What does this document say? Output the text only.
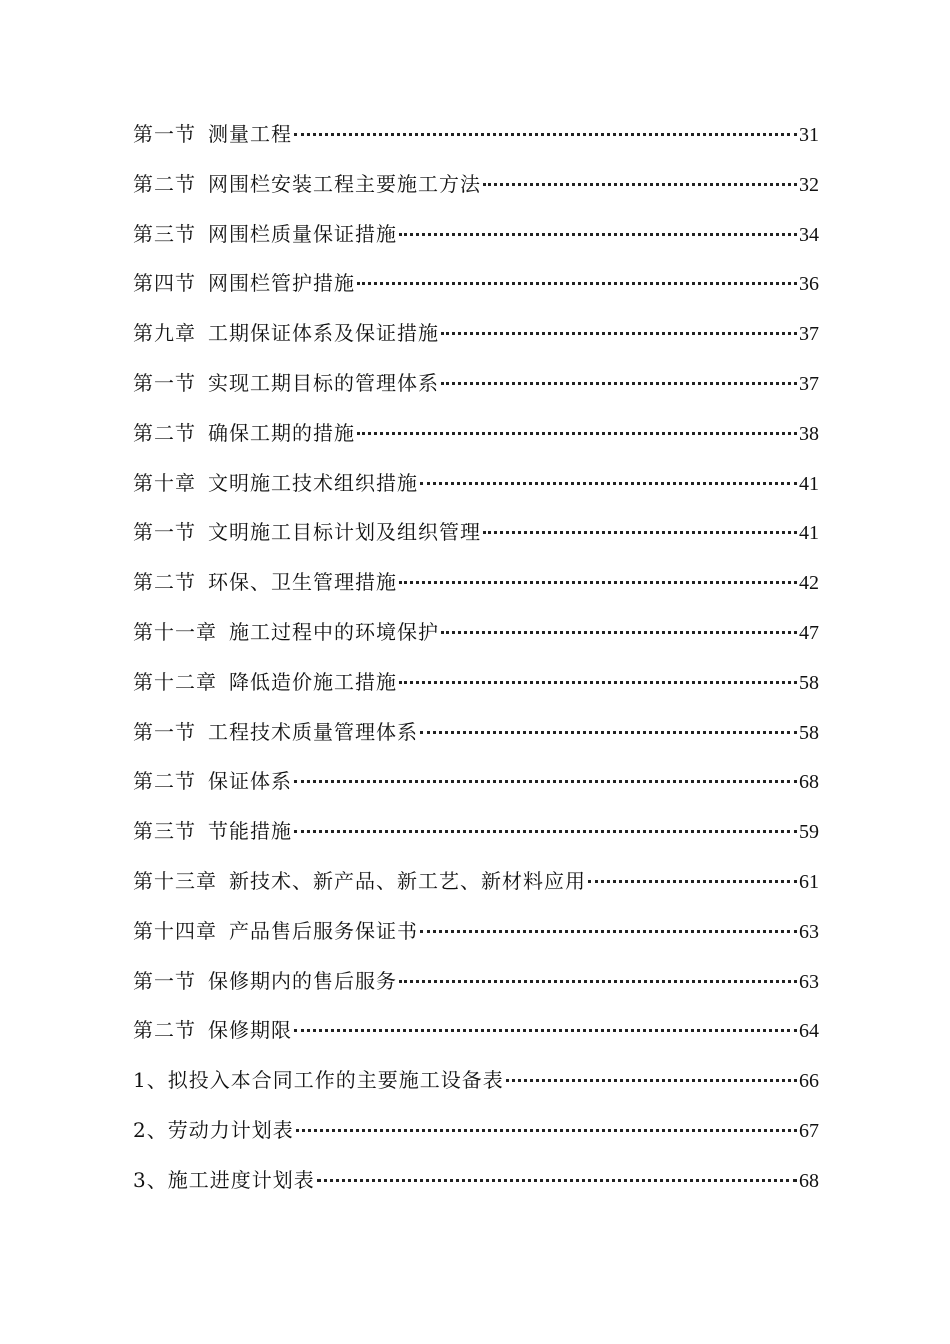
第一节 测量工程	31
第二节 网围栏安装工程主要施工方法	32
第三节 网围栏质量保证措施	34
第四节 网围栏管护措施	36
第九章 工期保证体系及保证措施	37
第一节 实现工期目标的管理体系	37
第二节 确保工期的措施	38
第十章 文明施工技术组织措施	41
第一节 文明施工目标计划及组织管理	41
第二节 环保、卫生管理措施	42
第十一章 施工过程中的环境保护	47
第十二章 降低造价施工措施	58
第一节 工程技术质量管理体系	58
第二节 保证体系	68
第三节 节能措施	59
第十三章 新技术、新产品、新工艺、新材料应用	61
第十四章 产品售后服务保证书	63
第一节 保修期内的售后服务	63
第二节 保修期限	64
1、 拟投入本合同工作的主要施工设备表	66
2、 劳动力计划表	67
3、 施工进度计划表	68
